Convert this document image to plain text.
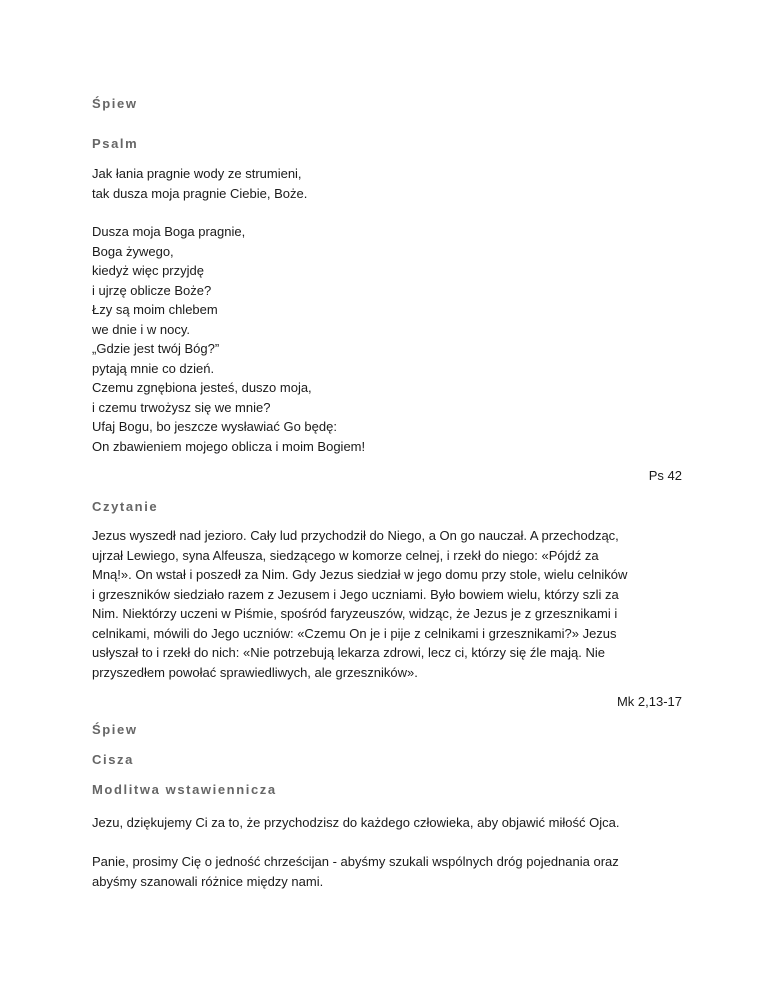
Śpiew
Psalm

Jak łania pragnie wody ze strumieni,
tak dusza moja pragnie Ciebie, Boże.

Dusza moja Boga pragnie,
Boga żywego,
kiedyż więc przyjdę
i ujrzę oblicze Boże?

Łzy są moim chlebem
we dnie i w nocy.
„Gdzie jest twój Bóg?”
pytają mnie co dzień.

Czemu zgnębiona jesteś, duszo moja,
i czemu trwożysz się we mnie?
Ufaj Bogu, bo jeszcze wysławiać Go będę:
On zbawieniem mojego oblicza i moim Bogiem!

Ps 42

Czytanie

Jezus wyszedł nad jezioro. Cały lud przychodził do Niego, a On go nauczał. A przechodząc,
ujrzał Lewiego, syna Alfeusza, siedzącego w komorze celnej, i rzekł do niego: «Pójdź za
Mną!». On wstał i poszedł za Nim. Gdy Jezus siedział w jego domu przy stole, wielu celników
i grzeszników siedziało razem z Jezusem i Jego uczniami. Było bowiem wielu, którzy szli za
Nim. Niektórzy uczeni w Piśmie, spośród faryzeuszów, widząc, że Jezus je z grzesznikami i
celnikami, mówili do Jego uczniów: «Czemu On je i pije z celnikami i grzesznikami?» Jezus
usłyszał to i rzekł do nich: «Nie potrzebują lekarza zdrowi, lecz ci, którzy się źle mają. Nie
przyszedłem powołać sprawiedliwych, ale grzeszników».

Mk 2,13-17

Śpiew
Cisza
Modlitwa wstawiennicza

Jezu, dziękujemy Ci za to, że przychodzisz do każdego człowieka, aby objawić miłość Ojca.

Panie, prosimy Cię o jedność chrześcijan - abyśmy szukali wspólnych dróg pojednania oraz
abyśmy szanowali różnice między nami.
